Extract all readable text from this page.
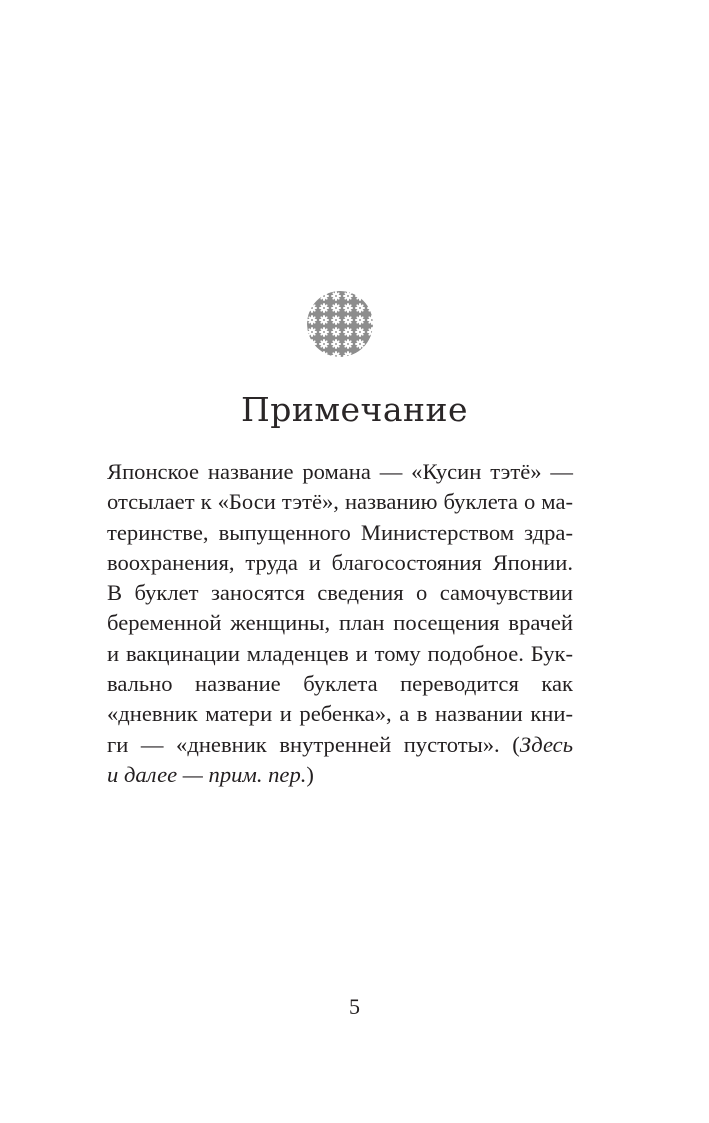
Примечание
Японское название романа — «Кусин тэтё» —
отсылает к «Боси тэтё», названию буклета о ма-
теринстве, выпущенного Министерством здра-
воохранения, труда и благосостояния Японии.
В буклет заносятся сведения о самочувствии
беременной женщины, план посещения врачей
и вакцинации младенцев и тому подобное. Бук-
вально название буклета переводится как
«дневник матери и ребенка», а в названии кни-
ги — «дневник внутренней пустоты». (Здесь
и далее — прим. пер.)
5
